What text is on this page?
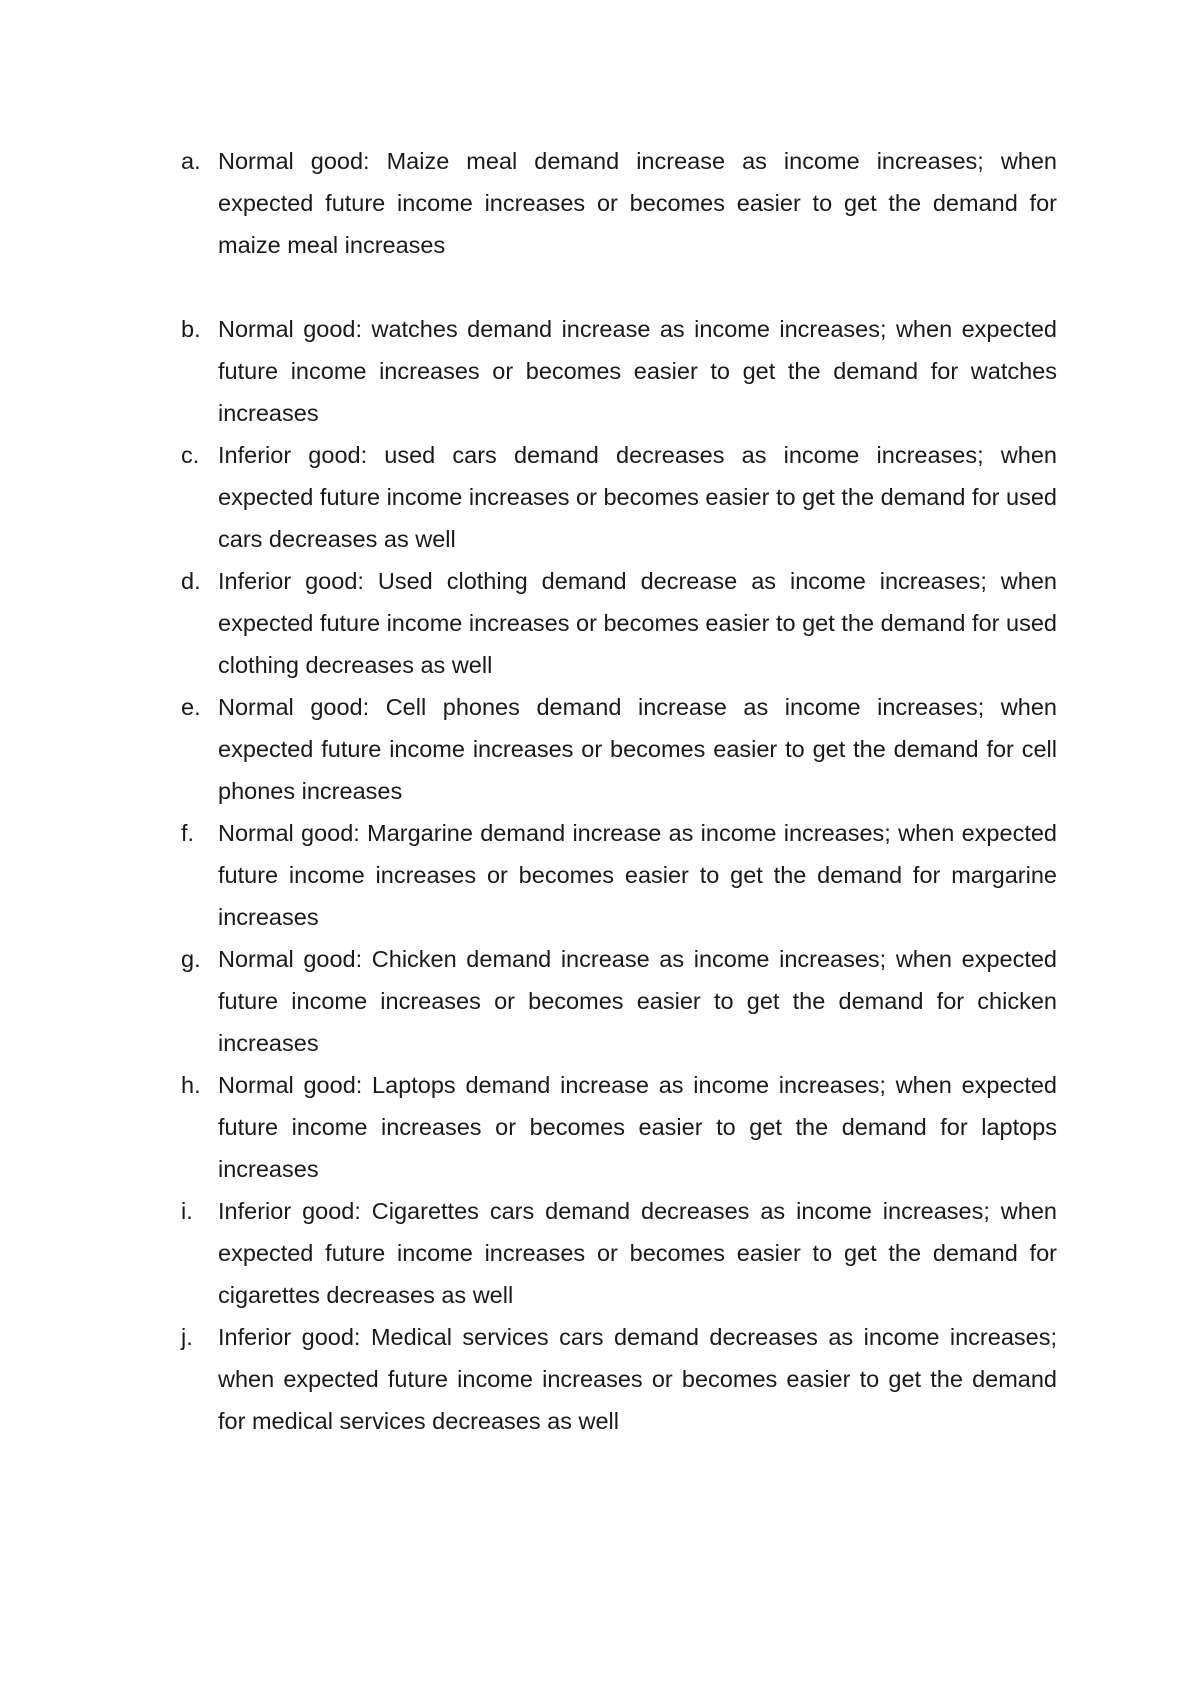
a. Normal good: Maize meal demand increase as income increases; when expected future income increases or becomes easier to get the demand for maize meal increases
b. Normal good: watches demand increase as income increases; when expected future income increases or becomes easier to get the demand for watches increases
c. Inferior good: used cars demand decreases as income increases; when expected future income increases or becomes easier to get the demand for used cars decreases as well
d. Inferior good: Used clothing demand decrease as income increases; when expected future income increases or becomes easier to get the demand for used clothing decreases as well
e. Normal good: Cell phones demand increase as income increases; when expected future income increases or becomes easier to get the demand for cell phones increases
f. Normal good: Margarine demand increase as income increases; when expected future income increases or becomes easier to get the demand for margarine increases
g. Normal good: Chicken demand increase as income increases; when expected future income increases or becomes easier to get the demand for chicken increases
h. Normal good: Laptops demand increase as income increases; when expected future income increases or becomes easier to get the demand for laptops increases
i. Inferior good: Cigarettes cars demand decreases as income increases; when expected future income increases or becomes easier to get the demand for cigarettes decreases as well
j. Inferior good: Medical services cars demand decreases as income increases; when expected future income increases or becomes easier to get the demand for medical services decreases as well
